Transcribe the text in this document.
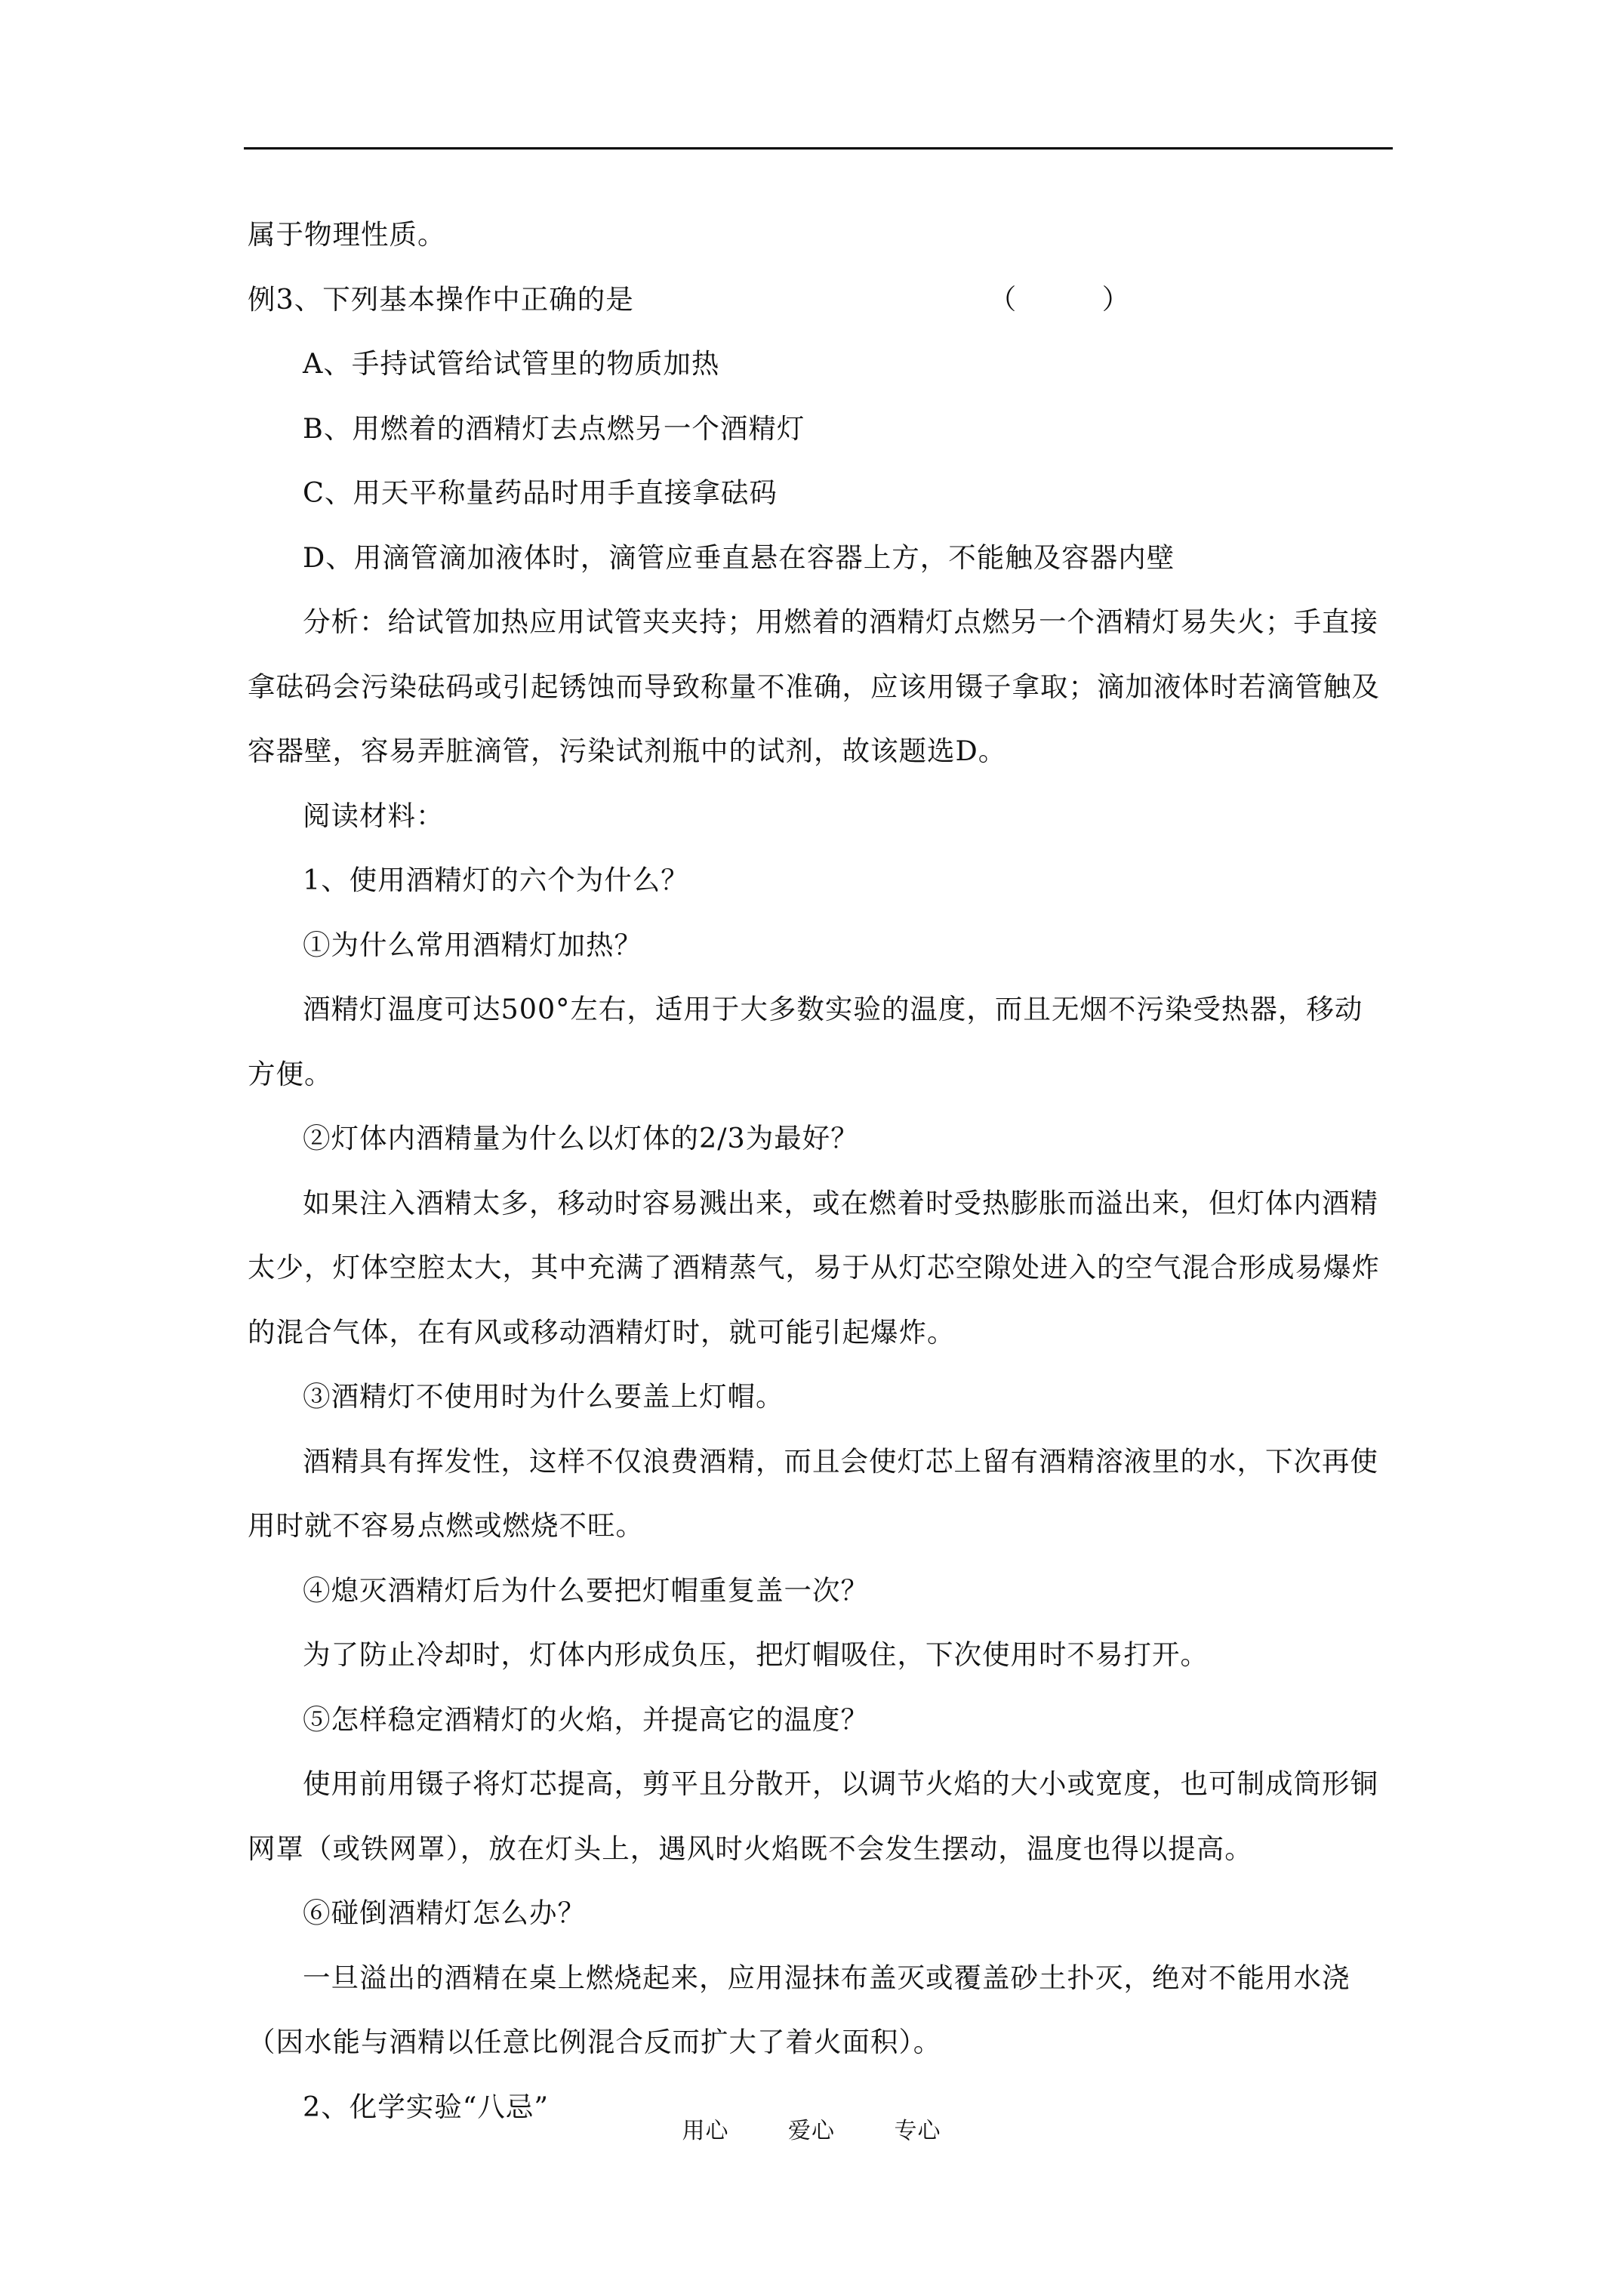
属于物理性质。

例3、下列基本操作中正确的是	（　　　）

A、手持试管给试管里的物质加热

B、用燃着的酒精灯去点燃另一个酒精灯

C、用天平称量药品时用手直接拿砝码

D、用滴管滴加液体时，滴管应垂直悬在容器上方，不能触及容器内壁

分析：给试管加热应用试管夹夹持；用燃着的酒精灯点燃另一个酒精灯易失火；手直接

拿砝码会污染砝码或引起锈蚀而导致称量不准确，应该用镊子拿取；滴加液体时若滴管触及

容器壁，容易弄脏滴管，污染试剂瓶中的试剂，故该题选D。

阅读材料：

1、使用酒精灯的六个为什么？

①为什么常用酒精灯加热？

酒精灯温度可达500°左右，适用于大多数实验的温度，而且无烟不污染受热器，移动

方便。

②灯体内酒精量为什么以灯体的2/3为最好？

如果注入酒精太多，移动时容易溅出来，或在燃着时受热膨胀而溢出来，但灯体内酒精

太少，灯体空腔太大，其中充满了酒精蒸气，易于从灯芯空隙处进入的空气混合形成易爆炸

的混合气体，在有风或移动酒精灯时，就可能引起爆炸。

③酒精灯不使用时为什么要盖上灯帽。

酒精具有挥发性，这样不仅浪费酒精，而且会使灯芯上留有酒精溶液里的水，下次再使

用时就不容易点燃或燃烧不旺。

④熄灭酒精灯后为什么要把灯帽重复盖一次？

为了防止冷却时，灯体内形成负压，把灯帽吸住，下次使用时不易打开。

⑤怎样稳定酒精灯的火焰，并提高它的温度？

使用前用镊子将灯芯提高，剪平且分散开，以调节火焰的大小或宽度，也可制成筒形铜

网罩（或铁网罩），放在灯头上，遇风时火焰既不会发生摆动，温度也得以提高。

⑥碰倒酒精灯怎么办？

一旦溢出的酒精在桌上燃烧起来，应用湿抹布盖灭或覆盖砂土扑灭，绝对不能用水浇

（因水能与酒精以任意比例混合反而扩大了着火面积）。

2、化学实验“八忌”

用心	爱心	专心
